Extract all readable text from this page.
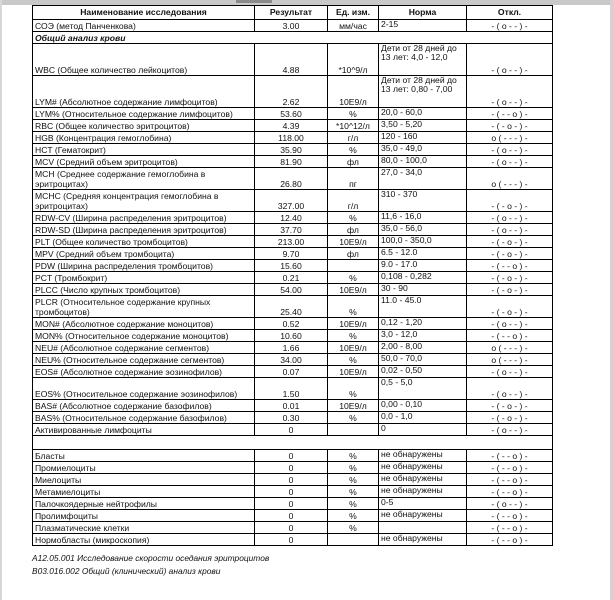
Наименование исследования	Результат	Ед. изм.	Норма	Откл.
СОЭ (метод Панченкова)	3.00	мм/час	2-15	- ( o - - ) -
Общий анализ крови				
WBC (Общее количество лейкоцитов)	4.88	*10^9/л	Дети от 28 дней до 13 лет: 4,0 - 12,0	- ( o - - ) -
LYM# (Абсолютное содержание лимфоцитов)	2.62	10E9/л	Дети от 28 дней до 13 лет: 0,80 - 7,00	- ( o - - ) -
LYM% (Относительное содержание лимфоцитов)	53.60	%	20,0 - 60,0	- ( - - o ) -
RBC (Общее количество эритроцитов)	4.39	*10^12/л	3,50 - 5,20	- ( - o - ) -
HGB (Концентрация гемоглобина)	118.00	г/л	120 - 160	o ( - - - ) -
HCT (Гематокрит)	35.90	%	35,0 - 49,0	- ( o - - ) -
MCV (Средний объем эритроцитов)	81.90	фл	80,0 - 100,0	- ( o - - ) -
MCH (Среднее содержание гемоглобина в эритроцитах)	26.80	пг	27,0 - 34,0	o ( - - - ) -
MCHC (Средняя концентрация гемоглобина в эритроцитах)	327.00	г/л	310 - 370	- ( - o - ) -
RDW-CV (Ширина распределения эритроцитов)	12.40	%	11,6 - 16,0	- ( o - - ) -
RDW-SD (Ширина распределения эритроцитов)	37.70	фл	35,0 - 56,0	- ( o - - ) -
PLT (Общее количество тромбоцитов)	213.00	10E9/л	100,0 - 350,0	- ( - o - ) -
MPV (Средний объем тромбоцита)	9.70	фл	6.5 - 12.0	- ( - o - ) -
PDW (Ширина распределения тромбоцитов)	15.60		9.0 - 17.0	- ( - - o ) -
PCT (Тромбокрит)	0.21	%	0,108 - 0,282	- ( - o - ) -
PLCC (Число крупных тромбоцитов)	54.00	10E9/л	30 - 90	- ( - o - ) -
PLCR (Относительное содержание крупных тромбоцитов)	25.40	%	11.0 - 45.0	- ( - o - ) -
MON# (Абсолютное содержание моноцитов)	0.52	10E9/л	0,12 - 1,20	- ( o - - ) -
MON% (Относительное содержание моноцитов)	10.60	%	3,0 - 12,0	- ( - - o ) -
NEU# (Абсолютное содержание сегментов)	1.66	10E9/л	2,00 - 8,00	o ( - - - ) -
NEU% (Относительное содержание сегментов)	34.00	%	50,0 - 70,0	o ( - - - ) -
EOS# (Абсолютное содержание эозинофилов)	0.07	10E9/л	0,02 - 0,50	- ( o - - ) -
EOS% (Относительное содержание эозинофилов)	1.50	%	0,5 - 5,0	- ( o - - ) -
BAS# (Абсолютное содержание базофилов)	0.01	10E9/л	0,00 - 0,10	- ( - o - ) -
BAS% (Относительное содержание базофилов)	0.30	%	0,0 - 1,0	- ( - o - ) -
Активированные лимфоциты	0		0	- ( o - - ) -

Бласты	0	%	не обнаружены	- ( - - o ) -
Промиелоциты	0	%	не обнаружены	- ( - - o ) -
Миелоциты	0	%	не обнаружены	- ( - - o ) -
Метамиелоциты	0	%	не обнаружены	- ( - - o ) -
Палочкоядерные нейтрофилы	0	%	0-5	- ( o - - ) -
Пролимфоциты	0	%	не обнаружены	- ( - - o ) -
Плазматические клетки	0	%		- ( - - o ) -
Нормобласты (микроскопия)	0		не обнаружены	- ( - - o ) -
A12.05.001 Исследование скорости оседания эритроцитов
B03.016.002 Общий (клинический) анализ крови
